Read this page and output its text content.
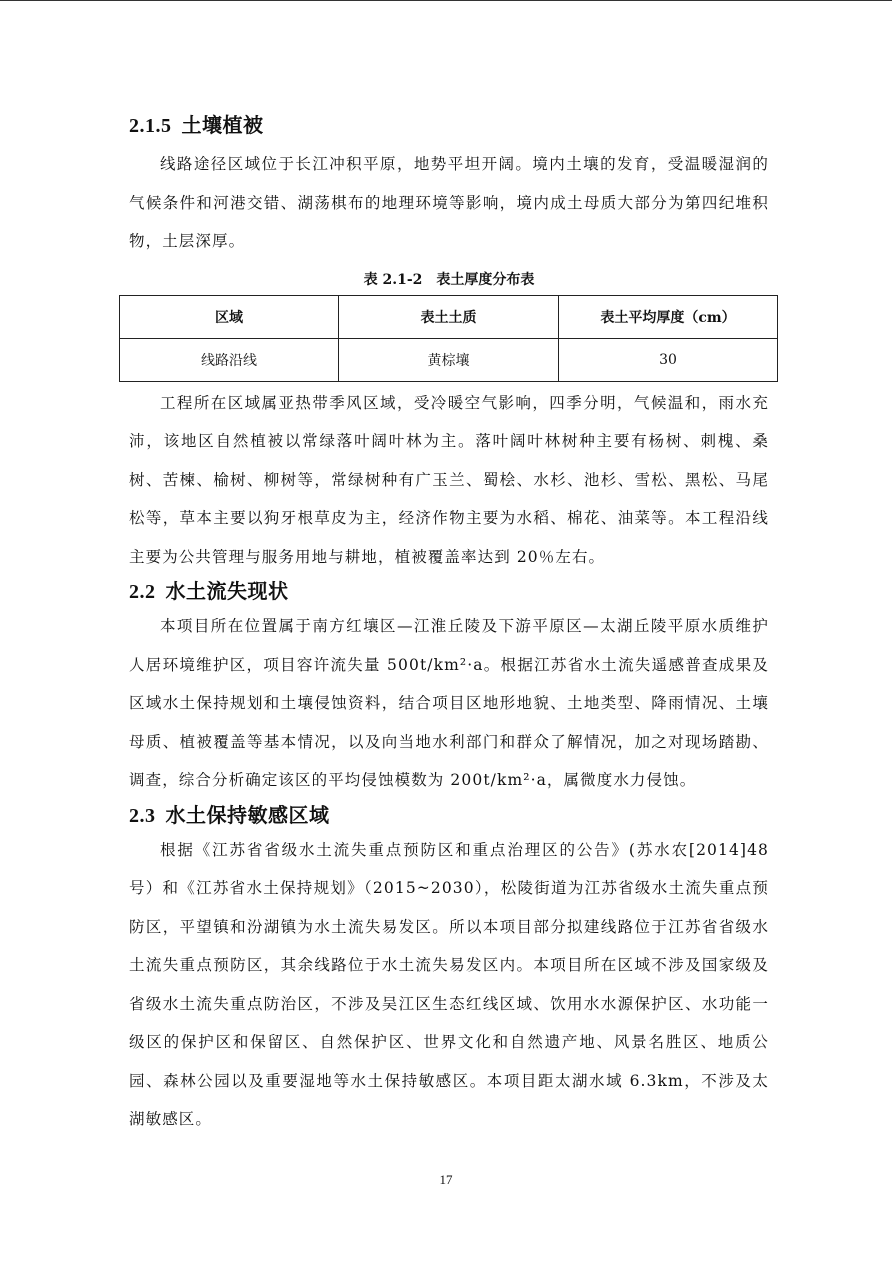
2.1.5 土壤植被

线路途径区域位于长江冲积平原，地势平坦开阔。境内土壤的发育，受温暖湿润的气候条件和河港交错、湖荡棋布的地理环境等影响，境内成土母质大部分为第四纪堆积物，土层深厚。

表 2.1-2 表土厚度分布表
区域	表土土质	表土平均厚度（cm）
线路沿线	黄棕壤	30

工程所在区域属亚热带季风区域，受冷暖空气影响，四季分明，气候温和，雨水充沛，该地区自然植被以常绿落叶阔叶林为主。落叶阔叶林树种主要有杨树、刺槐、桑树、苦楝、榆树、柳树等，常绿树种有广玉兰、蜀桧、水杉、池杉、雪松、黑松、马尾松等，草本主要以狗牙根草皮为主，经济作物主要为水稻、棉花、油菜等。本工程沿线主要为公共管理与服务用地与耕地，植被覆盖率达到 20％左右。

2.2 水土流失现状

本项目所在位置属于南方红壤区—江淮丘陵及下游平原区—太湖丘陵平原水质维护人居环境维护区，项目容许流失量 500t/km²·a。根据江苏省水土流失遥感普查成果及区域水土保持规划和土壤侵蚀资料，结合项目区地形地貌、土地类型、降雨情况、土壤母质、植被覆盖等基本情况，以及向当地水利部门和群众了解情况，加之对现场踏勘、调查，综合分析确定该区的平均侵蚀模数为 200t/km²·a，属微度水力侵蚀。

2.3 水土保持敏感区域

根据《江苏省省级水土流失重点预防区和重点治理区的公告》(苏水农[2014]48号）和《江苏省水土保持规划》（2015~2030），松陵街道为江苏省级水土流失重点预防区，平望镇和汾湖镇为水土流失易发区。所以本项目部分拟建线路位于江苏省省级水土流失重点预防区，其余线路位于水土流失易发区内。本项目所在区域不涉及国家级及省级水土流失重点防治区，不涉及吴江区生态红线区域、饮用水水源保护区、水功能一级区的保护区和保留区、自然保护区、世界文化和自然遗产地、风景名胜区、地质公园、森林公园以及重要湿地等水土保持敏感区。本项目距太湖水域 6.3km，不涉及太湖敏感区。

17
